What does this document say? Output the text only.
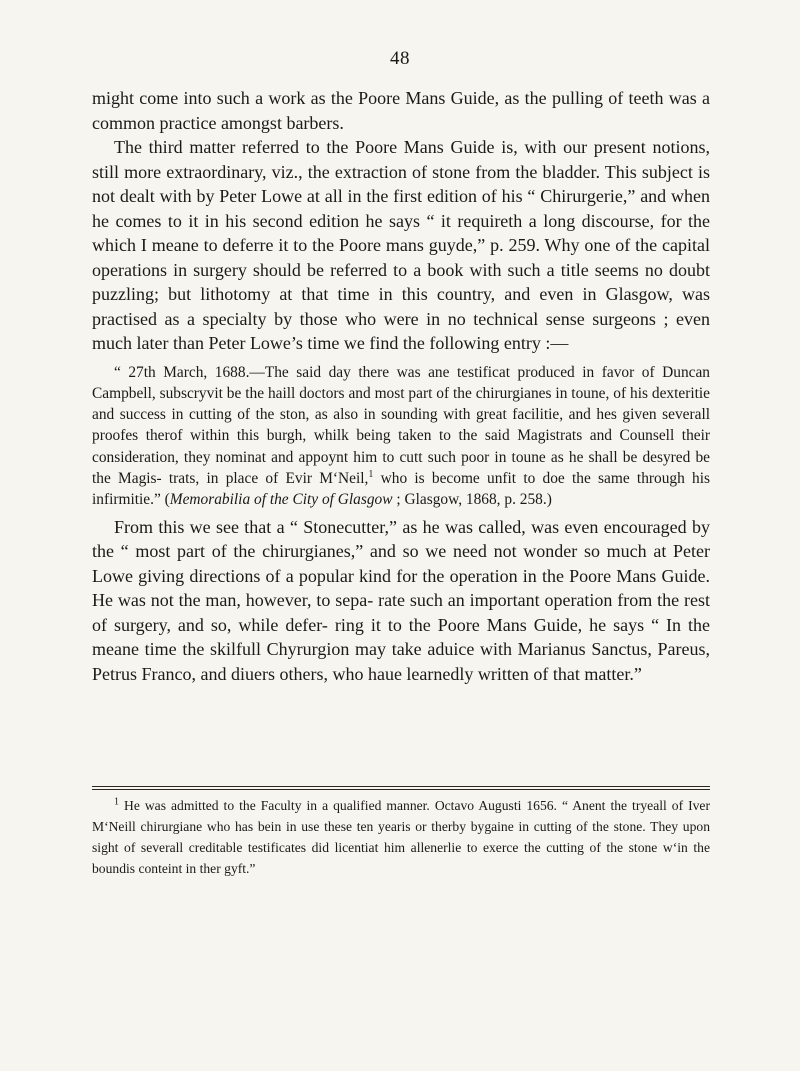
48

might come into such a work as the Poore Mans Guide, as the pulling of teeth was a common practice amongst barbers.

The third matter referred to the Poore Mans Guide is, with our present notions, still more extraordinary, viz., the extraction of stone from the bladder. This subject is not dealt with by Peter Lowe at all in the first edition of his “ Chirurgerie,” and when he comes to it in his second edition he says “ it requireth a long discourse, for the which I meane to deferre it to the Poore mans guyde,” p. 259. Why one of the capital operations in surgery should be referred to a book with such a title seems no doubt puzzling; but lithotomy at that time in this country, and even in Glasgow, was practised as a specialty by those who were in no technical sense surgeons ; even much later than Peter Lowe’s time we find the following entry :—

“ 27th March, 1688.—The said day there was ane testificat produced in favor of Duncan Campbell, subscryvit be the haill doctors and most part of the chirurgianes in toune, of his dexteritie and success in cutting of the ston, as also in sounding with great facilitie, and hes given severall proofes therof within this burgh, whilk being taken to the said Magistrats and Counsell their consideration, they nominat and appoynt him to cutt such poor in toune as he shall be desyred be the Magis- trats, in place of Evir M‘Neil,$^1$ who is become unfit to doe the same through his infirmitie.” (Memorabilia of the City of Glasgow ; Glasgow, 1868, p. 258.)

From this we see that a “ Stonecutter,” as he was called, was even encouraged by the “ most part of the chirurgianes,” and so we need not wonder so much at Peter Lowe giving directions of a popular kind for the operation in the Poore Mans Guide. He was not the man, however, to sepa- rate such an important operation from the rest of surgery, and so, while defer- ring it to the Poore Mans Guide, he says “ In the meane time the skilfull Chyrurgion may take aduice with Marianus Sanctus, Pareus, Petrus Franco, and diuers others, who haue learnedly written of that matter.”

$^1$ He was admitted to the Faculty in a qualified manner. Octavo Augusti 1656. “ Anent the tryeall of Iver M‘Neill chirurgiane who has bein in use these ten yearis or therby bygaine in cutting of the stone. They upon sight of severall creditable testificates did licentiat him allenerlie to exerce the cutting of the stone w‘in the boundis conteint in ther gyft.”
